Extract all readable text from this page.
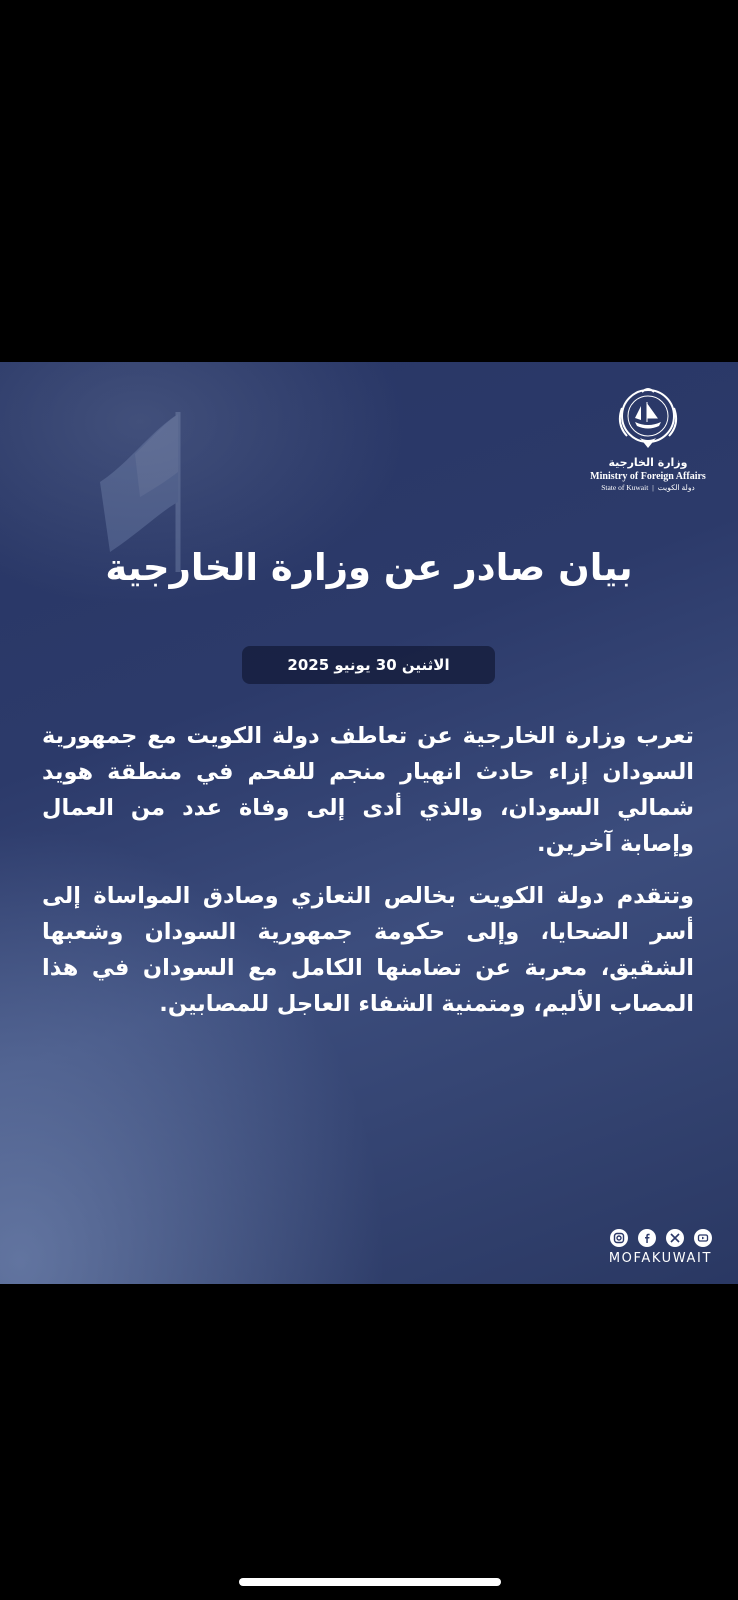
وزارة الخارجية
Ministry of Foreign Affairs
State of Kuwait | دولة الكويت
بيان صادر عن وزارة الخارجية
الاثنين 30 يونيو 2025

تعرب وزارة الخارجية عن تعاطف دولة الكويت مع جمهورية السودان إزاء حادث انهيار منجم للفحم في منطقة هويد شمالي السودان، والذي أدى إلى وفاة عدد من العمال وإصابة آخرين.

وتتقدم دولة الكويت بخالص التعازي وصادق المواساة إلى أسر الضحايا، وإلى حكومة جمهورية السودان وشعبها الشقيق، معربة عن تضامنها الكامل مع السودان في هذا المصاب الأليم، ومتمنية الشفاء العاجل للمصابين.

MOFAKUWAIT
